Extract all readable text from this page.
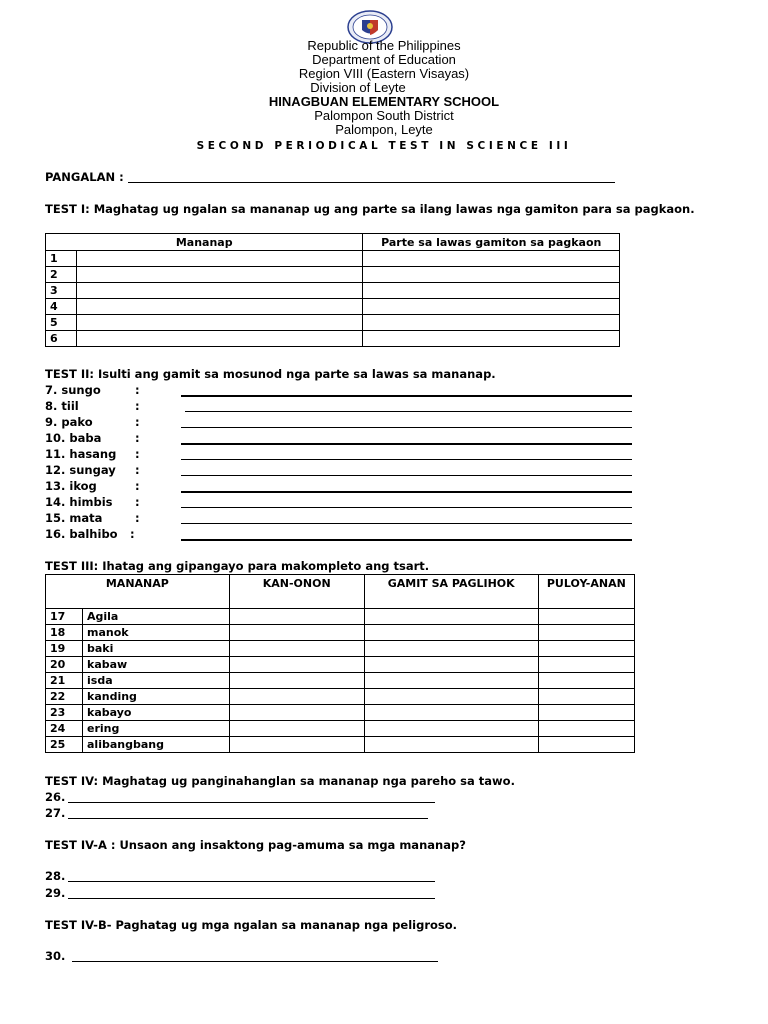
Republic of the Philippines
Department of Education
Region VIII (Eastern Visayas)
Division of Leyte
HINAGBUAN ELEMENTARY SCHOOL
Palompon South District
Palompon, Leyte
SECOND PERIODICAL TEST IN SCIENCE III
PANGALAN :
TEST I: Maghatag ug ngalan sa mananap ug ang parte sa ilang lawas nga gamiton para sa pagkaon.
Mananap		Parte sa lawas gamiton sa pagkaon
1		
2		
3		
4		
5		
6		
TEST II: Isulti ang gamit sa mosunod nga parte sa lawas sa mananap.
7. sungo	:
8. tiil	:
9. pako	:
10. baba	:
11. hasang :
12. sungay :
13. ikog	:
14. himbis :
15. mata	:
16. balhibo :
TEST III: Ihatag ang gipangayo para makompleto ang tsart.
MANANAP		KAN-ONON	GAMIT SA PAGLIHOK	PULOY-ANAN
17	Agila			
18	manok			
19	baki			
20	kabaw			
21	isda			
22	kanding			
23	kabayo			
24	ering			
25	alibangbang			
TEST IV: Maghatag ug panginahanglan sa mananap nga pareho sa tawo.
26.
27.
TEST IV-A : Unsaon ang insaktong pag-amuma sa mga mananap?
28.
29.
TEST IV-B- Paghatag ug mga ngalan sa mananap nga peligroso.
30.
